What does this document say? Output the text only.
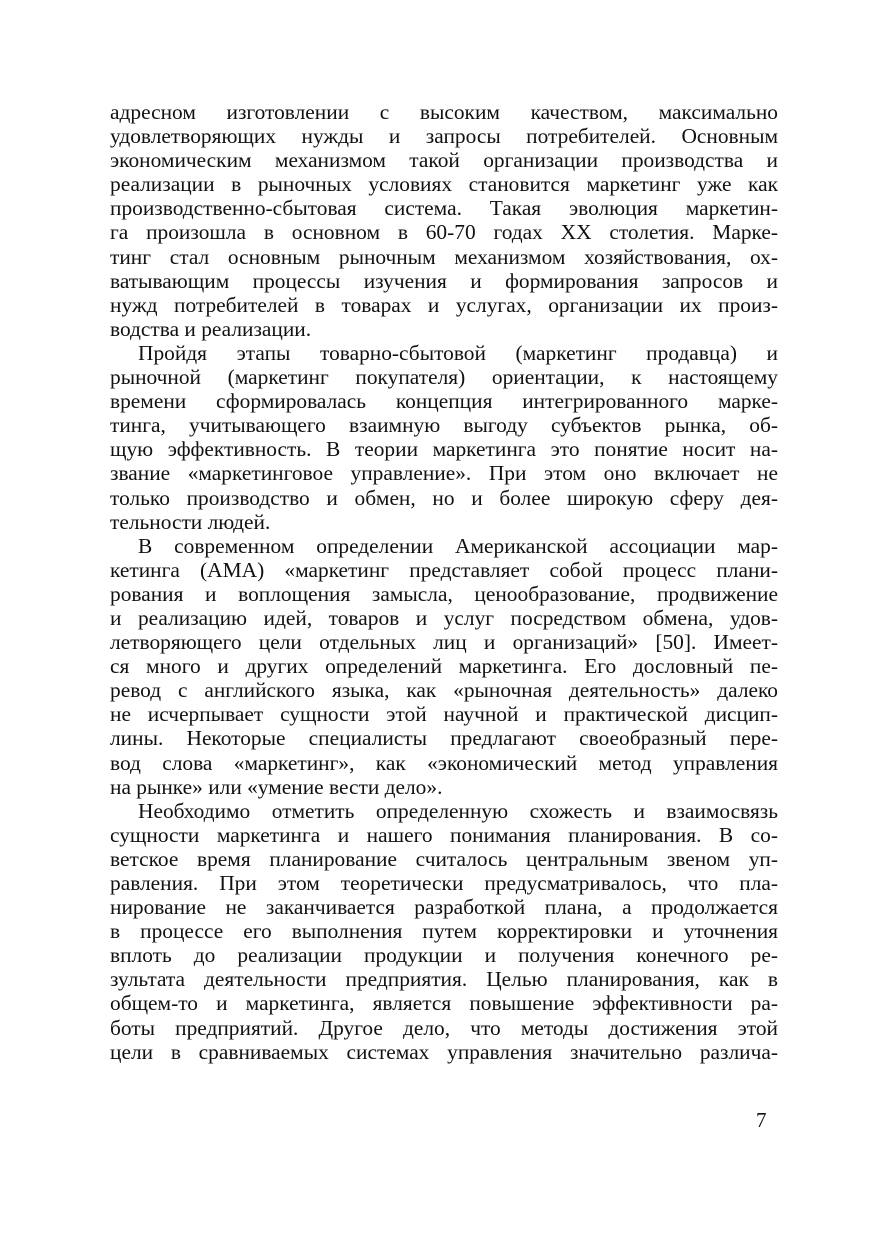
адресном изготовлении с высоким качеством, максимально
удовлетворяющих нужды и запросы потребителей. Основным
экономическим механизмом такой организации производства и
реализации в рыночных условиях становится маркетинг уже как
производственно-сбытовая система. Такая эволюция маркетин-
га произошла в основном в 60-70 годах XX столетия. Марке-
тинг стал основным рыночным механизмом хозяйствования, ох-
ватывающим процессы изучения и формирования запросов и
нужд потребителей в товарах и услугах, организации их произ-
водства и реализации.
Пройдя этапы товарно-сбытовой (маркетинг продавца) и
рыночной (маркетинг покупателя) ориентации, к настоящему
времени сформировалась концепция интегрированного марке-
тинга, учитывающего взаимную выгоду субъектов рынка, об-
щую эффективность. В теории маркетинга это понятие носит на-
звание «маркетинговое управление». При этом оно включает не
только производство и обмен, но и более широкую сферу дея-
тельности людей.
В современном определении Американской ассоциации мар-
кетинга (АМА) «маркетинг представляет собой процесс плани-
рования и воплощения замысла, ценообразование, продвижение
и реализацию идей, товаров и услуг посредством обмена, удов-
летворяющего цели отдельных лиц и организаций» [50]. Имеет-
ся много и других определений маркетинга. Его дословный пе-
ревод с английского языка, как «рыночная деятельность» далеко
не исчерпывает сущности этой научной и практической дисцип-
лины. Некоторые специалисты предлагают своеобразный пере-
вод слова «маркетинг», как «экономический метод управления
на рынке» или «умение вести дело».
Необходимо отметить определенную схожесть и взаимосвязь
сущности маркетинга и нашего понимания планирования. В со-
ветское время планирование считалось центральным звеном уп-
равления. При этом теоретически предусматривалось, что пла-
нирование не заканчивается разработкой плана, а продолжается
в процессе его выполнения путем корректировки и уточнения
вплоть до реализации продукции и получения конечного ре-
зультата деятельности предприятия. Целью планирования, как в
общем-то и маркетинга, является повышение эффективности ра-
боты предприятий. Другое дело, что методы достижения этой
цели в сравниваемых системах управления значительно различа-
7
